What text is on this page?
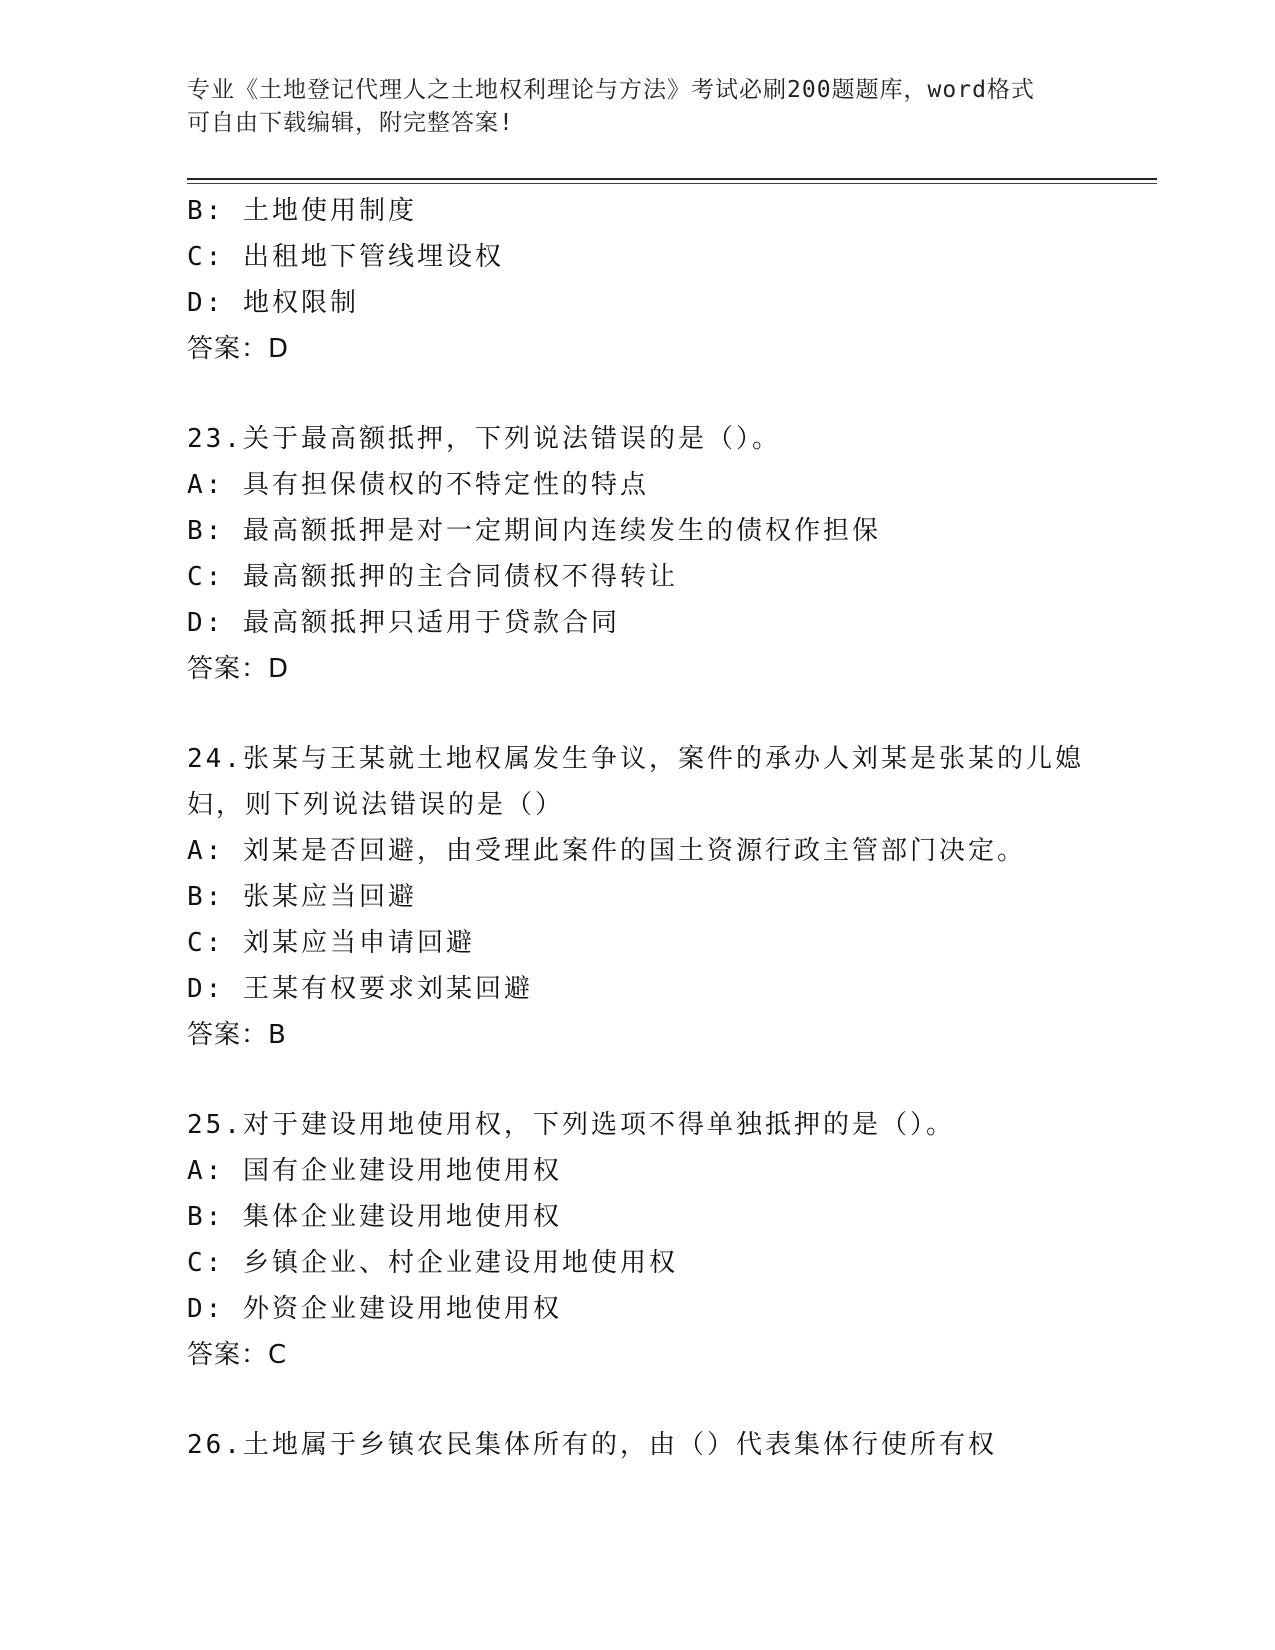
专业《土地登记代理人之土地权利理论与方法》考试必刷200题题库，word格式
可自由下载编辑，附完整答案!
B: 土地使用制度
C: 出租地下管线埋设权
D: 地权限制
答案：D
23.关于最高额抵押，下列说法错误的是（）。
A: 具有担保债权的不特定性的特点
B: 最高额抵押是对一定期间内连续发生的债权作担保
C: 最高额抵押的主合同债权不得转让
D: 最高额抵押只适用于贷款合同
答案：D
24.张某与王某就土地权属发生争议，案件的承办人刘某是张某的儿媳
妇，则下列说法错误的是（）
A: 刘某是否回避，由受理此案件的国土资源行政主管部门决定。
B: 张某应当回避
C: 刘某应当申请回避
D: 王某有权要求刘某回避
答案：B
25.对于建设用地使用权，下列选项不得单独抵押的是（）。
A: 国有企业建设用地使用权
B: 集体企业建设用地使用权
C: 乡镇企业、村企业建设用地使用权
D: 外资企业建设用地使用权
答案：C
26.土地属于乡镇农民集体所有的，由（）代表集体行使所有权
